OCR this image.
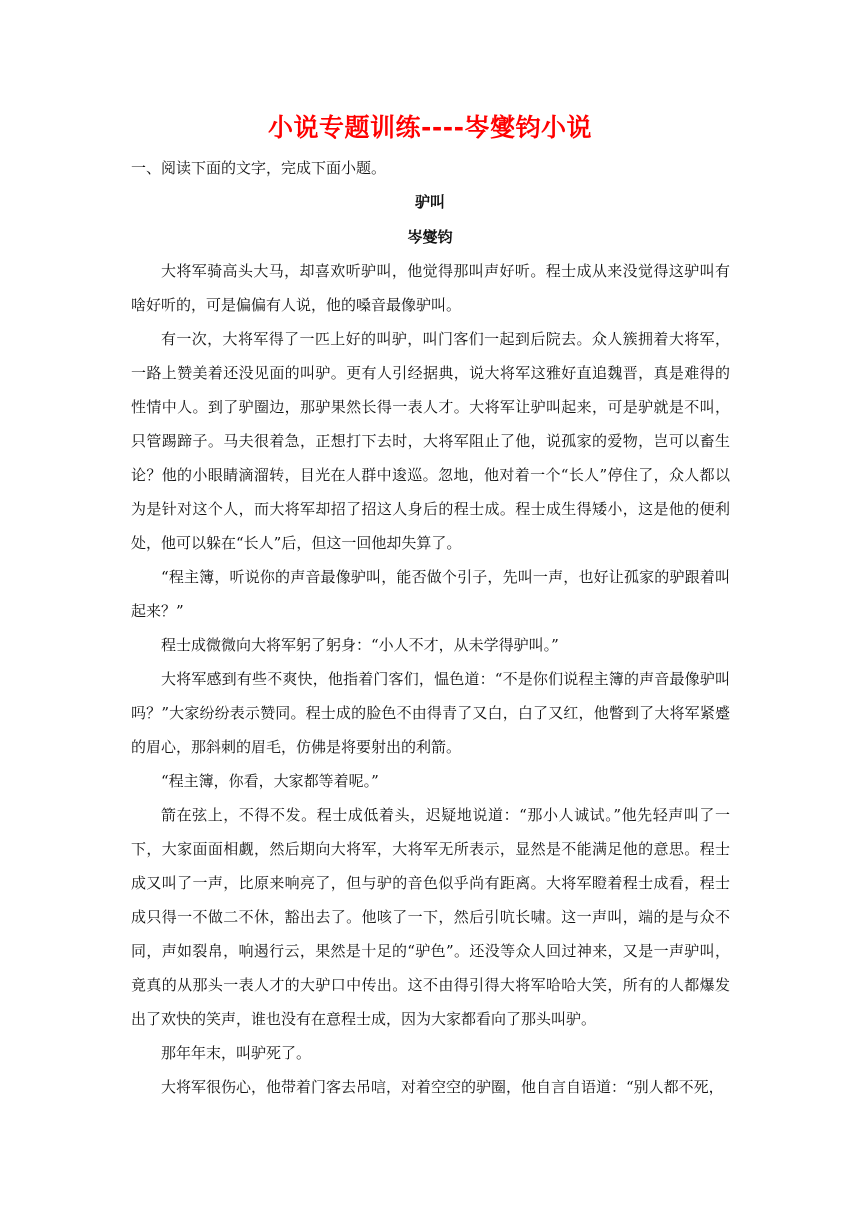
小说专题训练----岑燮钧小说
一、阅读下面的文字，完成下面小题。
驴叫
岑燮钧

大将军骑高头大马，却喜欢听驴叫，他觉得那叫声好听。程士成从来没觉得这驴叫有啥好听的，可是偏偏有人说，他的嗓音最像驴叫。

有一次，大将军得了一匹上好的叫驴，叫门客们一起到后院去。众人簇拥着大将军，一路上赞美着还没见面的叫驴。更有人引经据典，说大将军这雅好直追魏晋，真是难得的性情中人。到了驴圈边，那驴果然长得一表人才。大将军让驴叫起来，可是驴就是不叫，只管踢蹄子。马夫很着急，正想打下去时，大将军阻止了他，说孤家的爱物，岂可以畜生论？他的小眼睛滴溜转，目光在人群中逡巡。忽地，他对着一个“长人”停住了，众人都以为是针对这个人，而大将军却招了招这人身后的程士成。程士成生得矮小，这是他的便利处，他可以躲在“长人”后，但这一回他却失算了。

“程主簿，听说你的声音最像驴叫，能否做个引子，先叫一声，也好让孤家的驴跟着叫起来？”

程士成微微向大将军躬了躬身：“小人不才，从未学得驴叫。”

大将军感到有些不爽快，他指着门客们，愠色道：“不是你们说程主簿的声音最像驴叫吗？”大家纷纷表示赞同。程士成的脸色不由得青了又白，白了又红，他瞥到了大将军紧蹙的眉心，那斜刺的眉毛，仿佛是将要射出的利箭。

“程主簿，你看，大家都等着呢。”

箭在弦上，不得不发。程士成低着头，迟疑地说道：“那小人诚试。”他先轻声叫了一下，大家面面相觑，然后期向大将军，大将军无所表示，显然是不能满足他的意思。程士成又叫了一声，比原来响亮了，但与驴的音色似乎尚有距离。大将军瞪着程士成看，程士成只得一不做二不休，豁出去了。他咳了一下，然后引吭长啸。这一声叫，端的是与众不同，声如裂帛，响遏行云，果然是十足的“驴色”。还没等众人回过神来，又是一声驴叫，竟真的从那头一表人才的大驴口中传出。这不由得引得大将军哈哈大笑，所有的人都爆发出了欢快的笑声，谁也没有在意程士成，因为大家都看向了那头叫驴。

那年年末，叫驴死了。

大将军很伤心，他带着门客去吊唁，对着空空的驴圈，他自言自语道：“别人都不死，
